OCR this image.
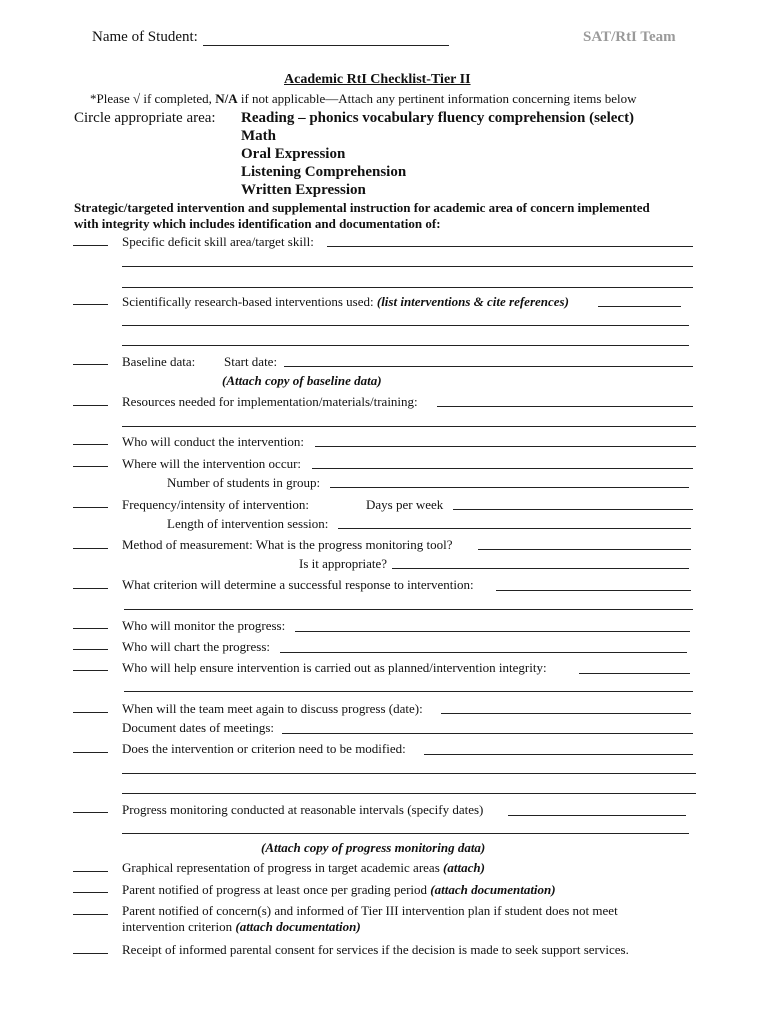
Name of Student:	SAT/RtI Team
Academic RtI Checklist-Tier II
*Please √ if completed, N/A if not applicable—Attach any pertinent information concerning items below
Circle appropriate area: Reading – phonics vocabulary fluency comprehension (select)
Math
Oral Expression
Listening Comprehension
Written Expression
Strategic/targeted intervention and supplemental instruction for academic area of concern implemented
with integrity which includes identification and documentation of:
Specific deficit skill area/target skill:
Scientifically research-based interventions used: (list interventions & cite references)
Baseline data: Start date:
(Attach copy of baseline data)
Resources needed for implementation/materials/training:
Who will conduct the intervention:
Where will the intervention occur:
Number of students in group:
Frequency/intensity of intervention:	Days per week
Length of intervention session:
Method of measurement: What is the progress monitoring tool?
Is it appropriate?
What criterion will determine a successful response to intervention:
Who will monitor the progress:
Who will chart the progress:
Who will help ensure intervention is carried out as planned/intervention integrity:
When will the team meet again to discuss progress (date):
Document dates of meetings:
Does the intervention or criterion need to be modified:
Progress monitoring conducted at reasonable intervals (specify dates)
(Attach copy of progress monitoring data)
Graphical representation of progress in target academic areas (attach)
Parent notified of progress at least once per grading period (attach documentation)
Parent notified of concern(s) and informed of Tier III intervention plan if student does not meet
intervention criterion (attach documentation)
Receipt of informed parental consent for services if the decision is made to seek support services.
